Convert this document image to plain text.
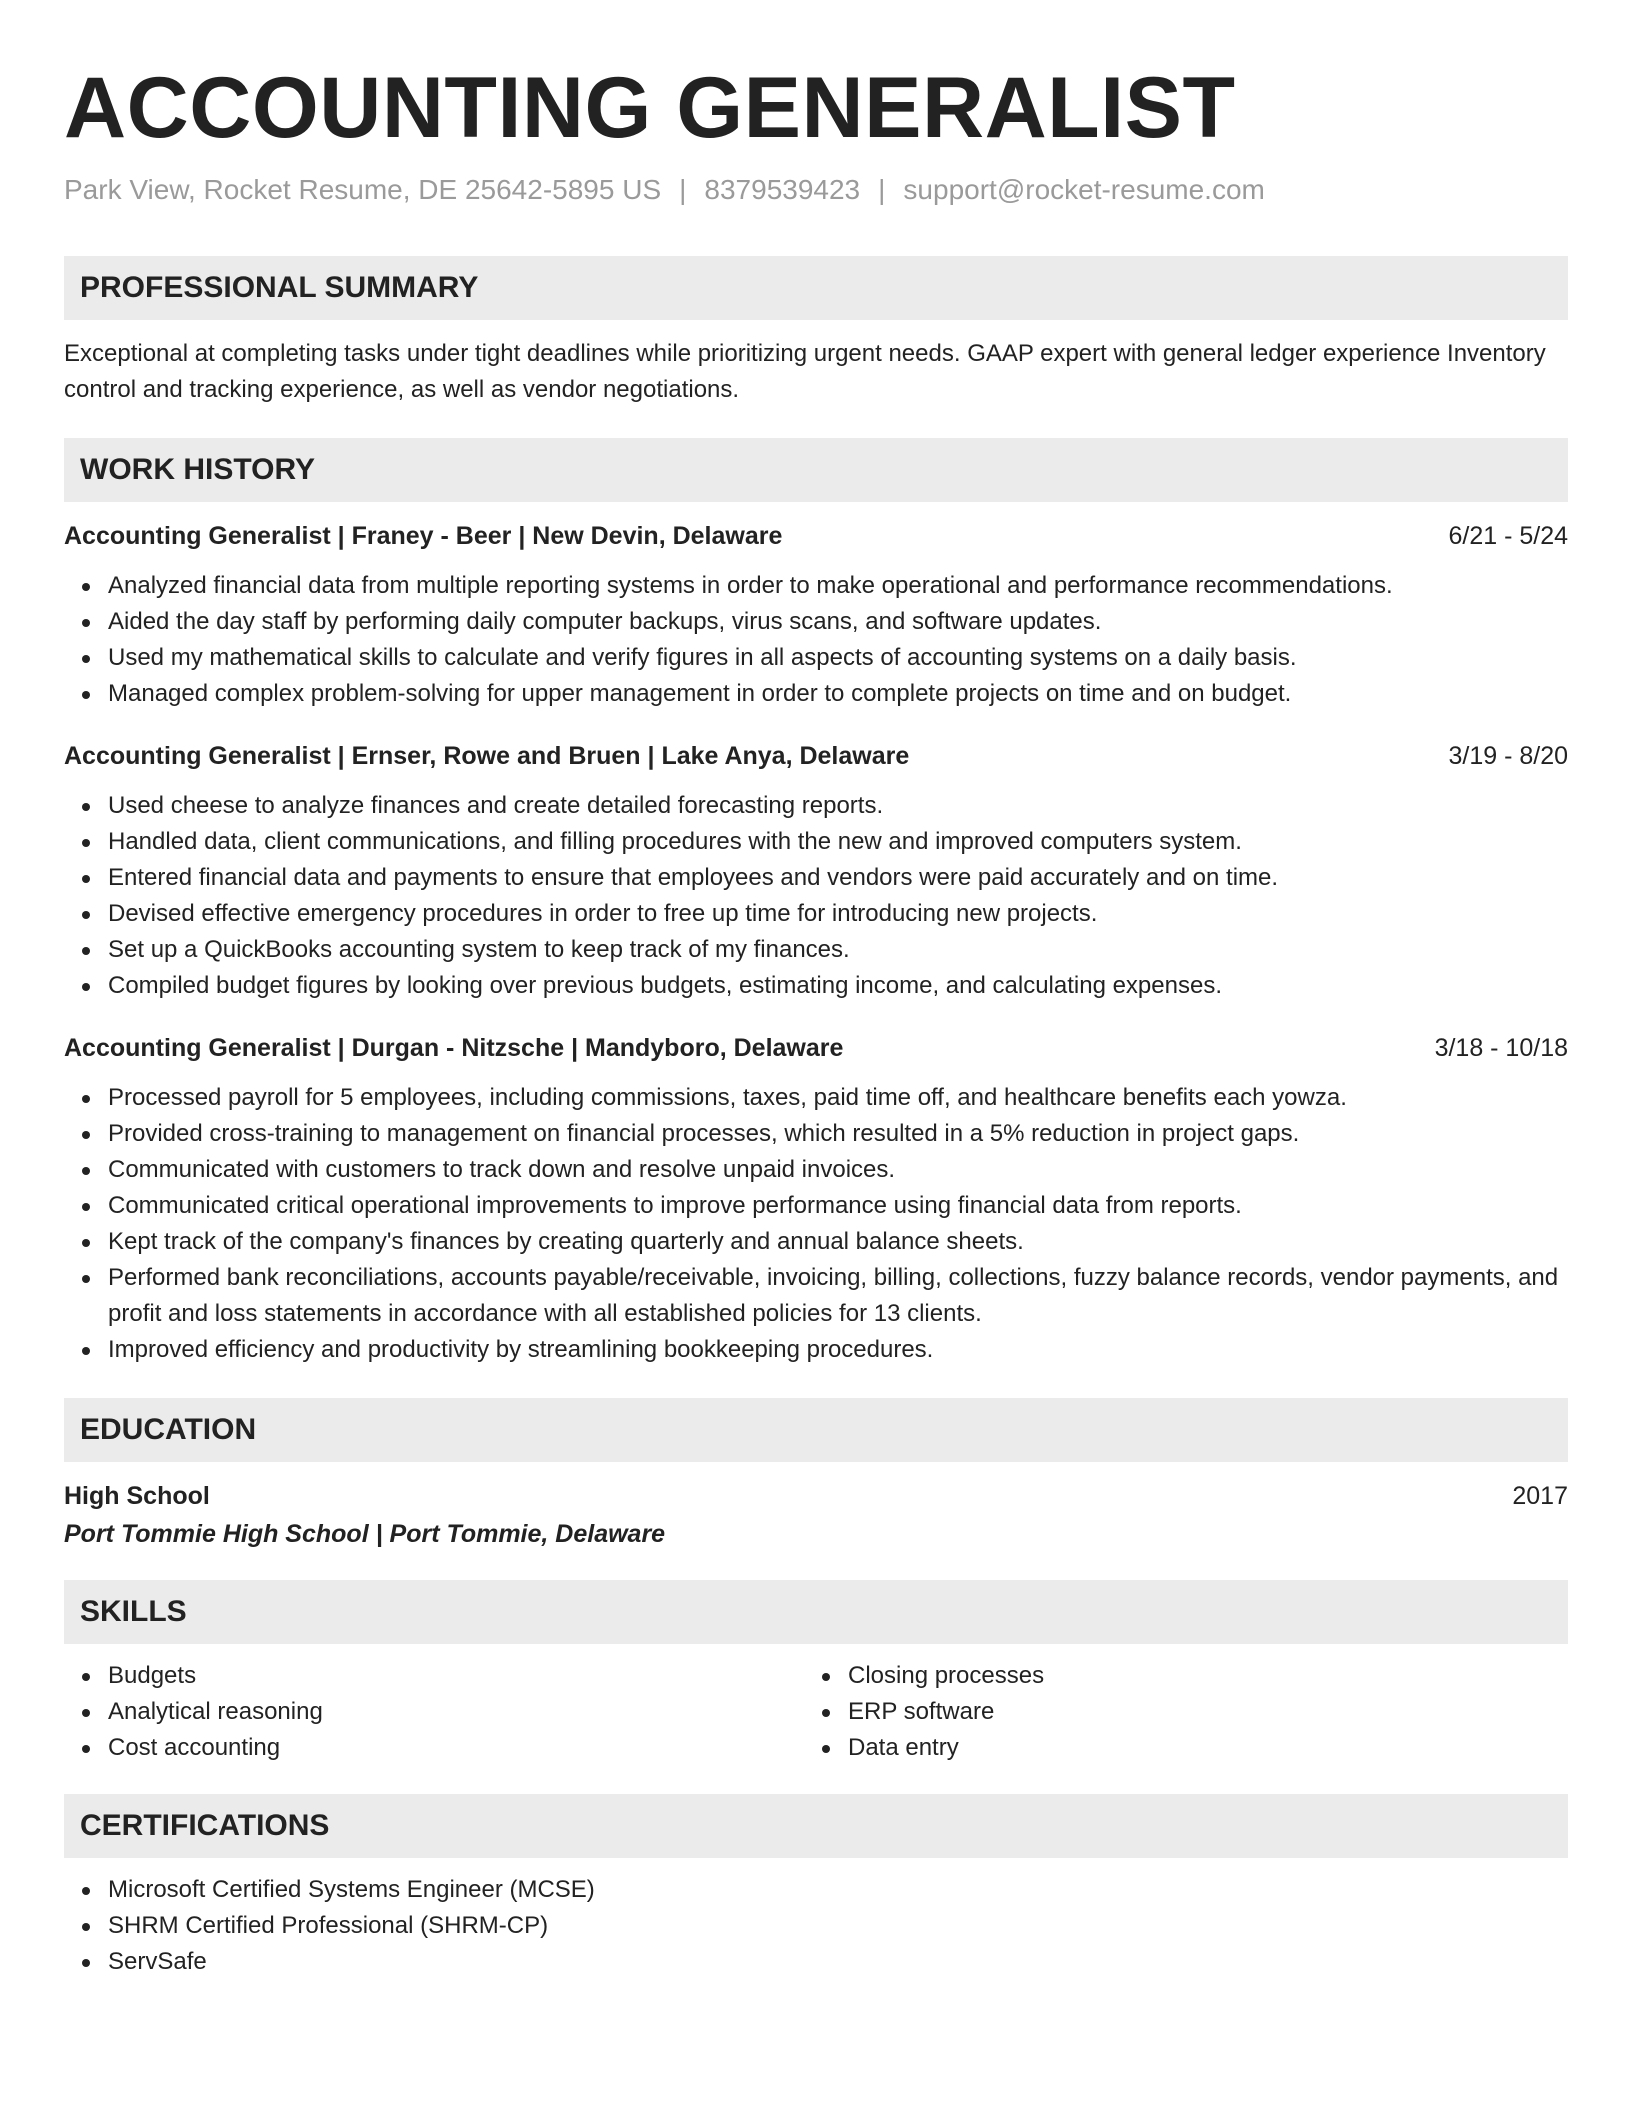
ACCOUNTING GENERALIST
Park View, Rocket Resume, DE 25642-5895 US | 8379539423 | support@rocket-resume.com
PROFESSIONAL SUMMARY

Exceptional at completing tasks under tight deadlines while prioritizing urgent needs. GAAP expert with general ledger experience Inventory control and tracking experience, as well as vendor negotiations.

WORK HISTORY
Accounting Generalist | Franey - Beer | New Devin, Delaware	6/21 - 5/24
Analyzed financial data from multiple reporting systems in order to make operational and performance recommendations.
Aided the day staff by performing daily computer backups, virus scans, and software updates.
Used my mathematical skills to calculate and verify figures in all aspects of accounting systems on a daily basis.
Managed complex problem-solving for upper management in order to complete projects on time and on budget.
Accounting Generalist | Ernser, Rowe and Bruen | Lake Anya, Delaware	3/19 - 8/20
Used cheese to analyze finances and create detailed forecasting reports.
Handled data, client communications, and filling procedures with the new and improved computers system.
Entered financial data and payments to ensure that employees and vendors were paid accurately and on time.
Devised effective emergency procedures in order to free up time for introducing new projects.
Set up a QuickBooks accounting system to keep track of my finances.
Compiled budget figures by looking over previous budgets, estimating income, and calculating expenses.
Accounting Generalist | Durgan - Nitzsche | Mandyboro, Delaware	3/18 - 10/18
Processed payroll for 5 employees, including commissions, taxes, paid time off, and healthcare benefits each yowza.
Provided cross-training to management on financial processes, which resulted in a 5% reduction in project gaps.
Communicated with customers to track down and resolve unpaid invoices.
Communicated critical operational improvements to improve performance using financial data from reports.
Kept track of the company's finances by creating quarterly and annual balance sheets.
Performed bank reconciliations, accounts payable/receivable, invoicing, billing, collections, fuzzy balance records, vendor payments, and profit and loss statements in accordance with all established policies for 13 clients.
Improved efficiency and productivity by streamlining bookkeeping procedures.
EDUCATION
High School	2017
Port Tommie High School | Port Tommie, Delaware
SKILLS
Budgets
Analytical reasoning
Cost accounting
Closing processes
ERP software
Data entry
CERTIFICATIONS
Microsoft Certified Systems Engineer (MCSE)
SHRM Certified Professional (SHRM-CP)
ServSafe
